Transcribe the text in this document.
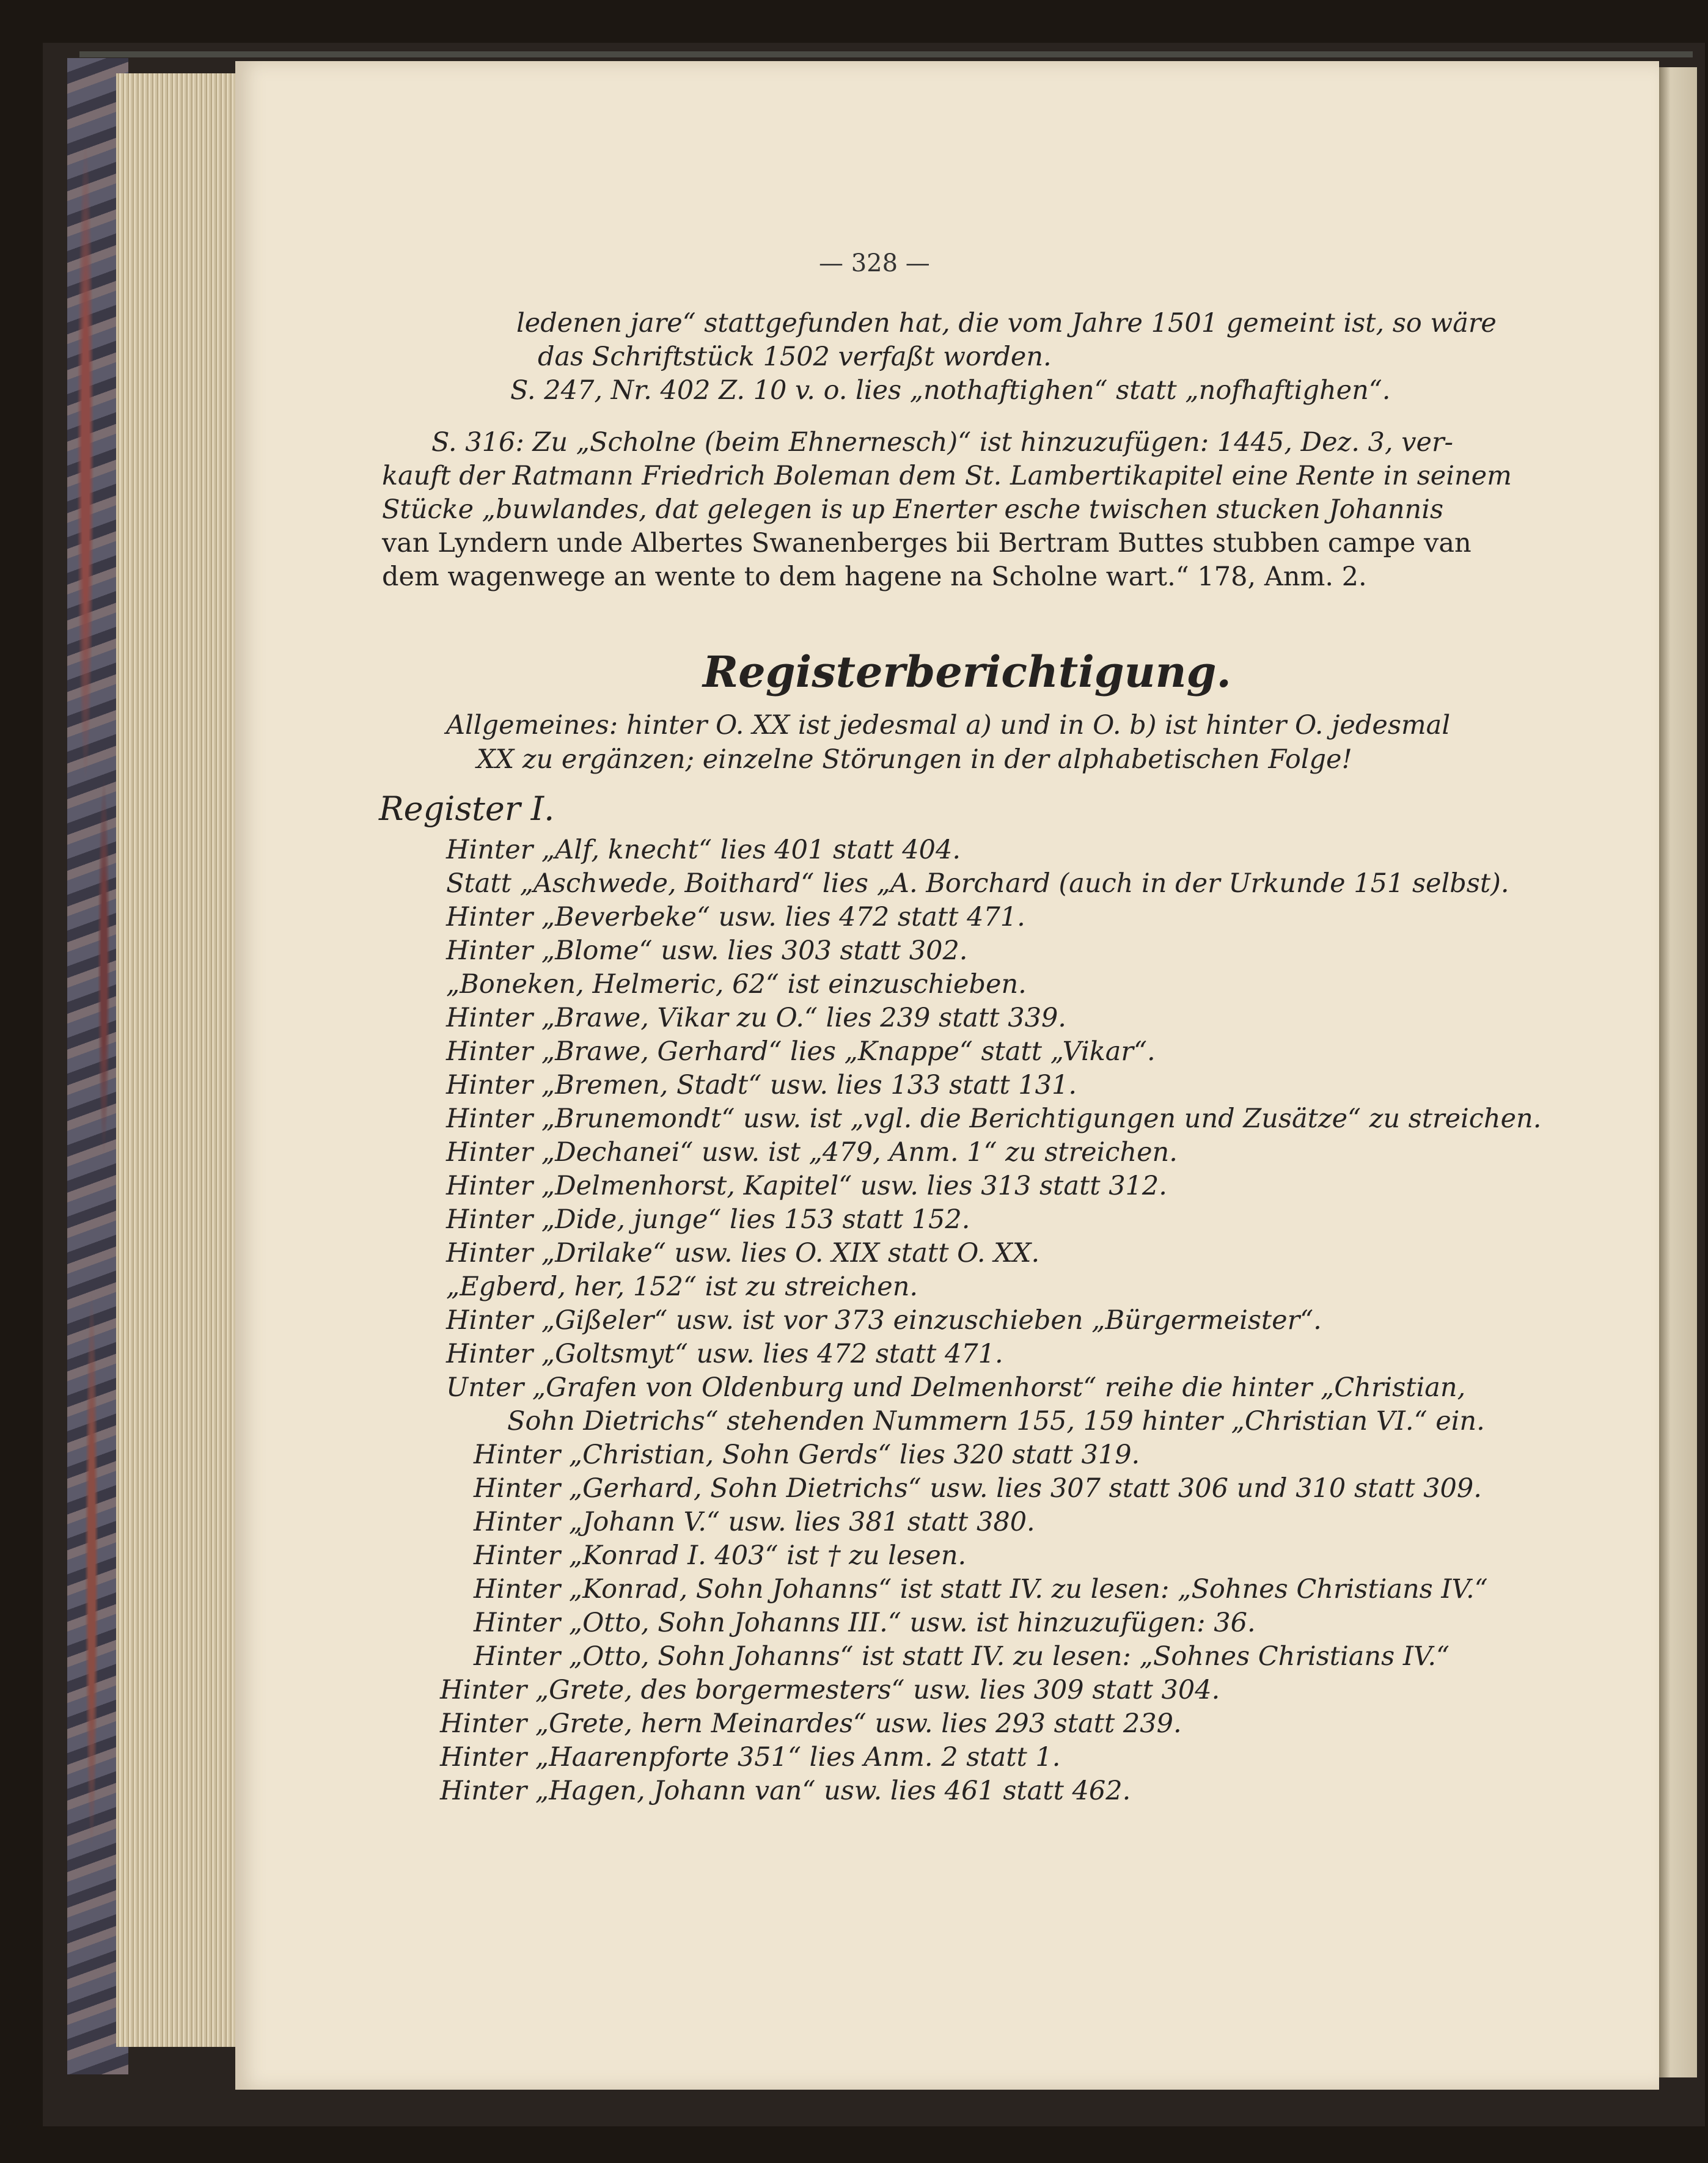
— 328 —
ledenen jare“ stattgefunden hat, die vom Jahre 1501 gemeint ist, so wäre
das Schriftstück 1502 verfaßt worden.
S. 247, Nr. 402 Z. 10 v. o. lies „nothaftighen“ statt „nofhaftighen“.
S. 316: Zu „Scholne (beim Ehnernesch)“ ist hinzuzufügen: 1445, Dez. 3, ver-
kauft der Ratmann Friedrich Boleman dem St. Lambertikapitel eine Rente in seinem
Stücke „buwlandes, dat gelegen is up Enerter esche twischen stucken Johannis
van Lyndern unde Albertes Swanenberges bii Bertram Buttes stubben campe van
dem wagenwege an wente to dem hagene na Scholne wart.“ 178, Anm. 2.
Registerberichtigung.
Allgemeines: hinter O. XX ist jedesmal a) und in O. b) ist hinter O. jedesmal
XX zu ergänzen; einzelne Störungen in der alphabetischen Folge!
Register I.
Hinter „Alf, knecht“ lies 401 statt 404.
Statt „Aschwede, Boithard“ lies „A. Borchard (auch in der Urkunde 151 selbst).
Hinter „Beverbeke“ usw. lies 472 statt 471.
Hinter „Blome“ usw. lies 303 statt 302.
„Boneken, Helmeric, 62“ ist einzuschieben.
Hinter „Brawe, Vikar zu O.“ lies 239 statt 339.
Hinter „Brawe, Gerhard“ lies „Knappe“ statt „Vikar“.
Hinter „Bremen, Stadt“ usw. lies 133 statt 131.
Hinter „Brunemondt“ usw. ist „vgl. die Berichtigungen und Zusätze“ zu streichen.
Hinter „Dechanei“ usw. ist „479, Anm. 1“ zu streichen.
Hinter „Delmenhorst, Kapitel“ usw. lies 313 statt 312.
Hinter „Dide, junge“ lies 153 statt 152.
Hinter „Drilake“ usw. lies O. XIX statt O. XX.
„Egberd, her, 152“ ist zu streichen.
Hinter „Gißeler“ usw. ist vor 373 einzuschieben „Bürgermeister“.
Hinter „Goltsmyt“ usw. lies 472 statt 471.
Unter „Grafen von Oldenburg und Delmenhorst“ reihe die hinter „Christian,
Sohn Dietrichs“ stehenden Nummern 155, 159 hinter „Christian VI.“ ein.
Hinter „Christian, Sohn Gerds“ lies 320 statt 319.
Hinter „Gerhard, Sohn Dietrichs“ usw. lies 307 statt 306 und 310 statt 309.
Hinter „Johann V.“ usw. lies 381 statt 380.
Hinter „Konrad I. 403“ ist † zu lesen.
Hinter „Konrad, Sohn Johanns“ ist statt IV. zu lesen: „Sohnes Christians IV.“
Hinter „Otto, Sohn Johanns III.“ usw. ist hinzuzufügen: 36.
Hinter „Otto, Sohn Johanns“ ist statt IV. zu lesen: „Sohnes Christians IV.“
Hinter „Grete, des borgermesters“ usw. lies 309 statt 304.
Hinter „Grete, hern Meinardes“ usw. lies 293 statt 239.
Hinter „Haarenpforte 351“ lies Anm. 2 statt 1.
Hinter „Hagen, Johann van“ usw. lies 461 statt 462.
